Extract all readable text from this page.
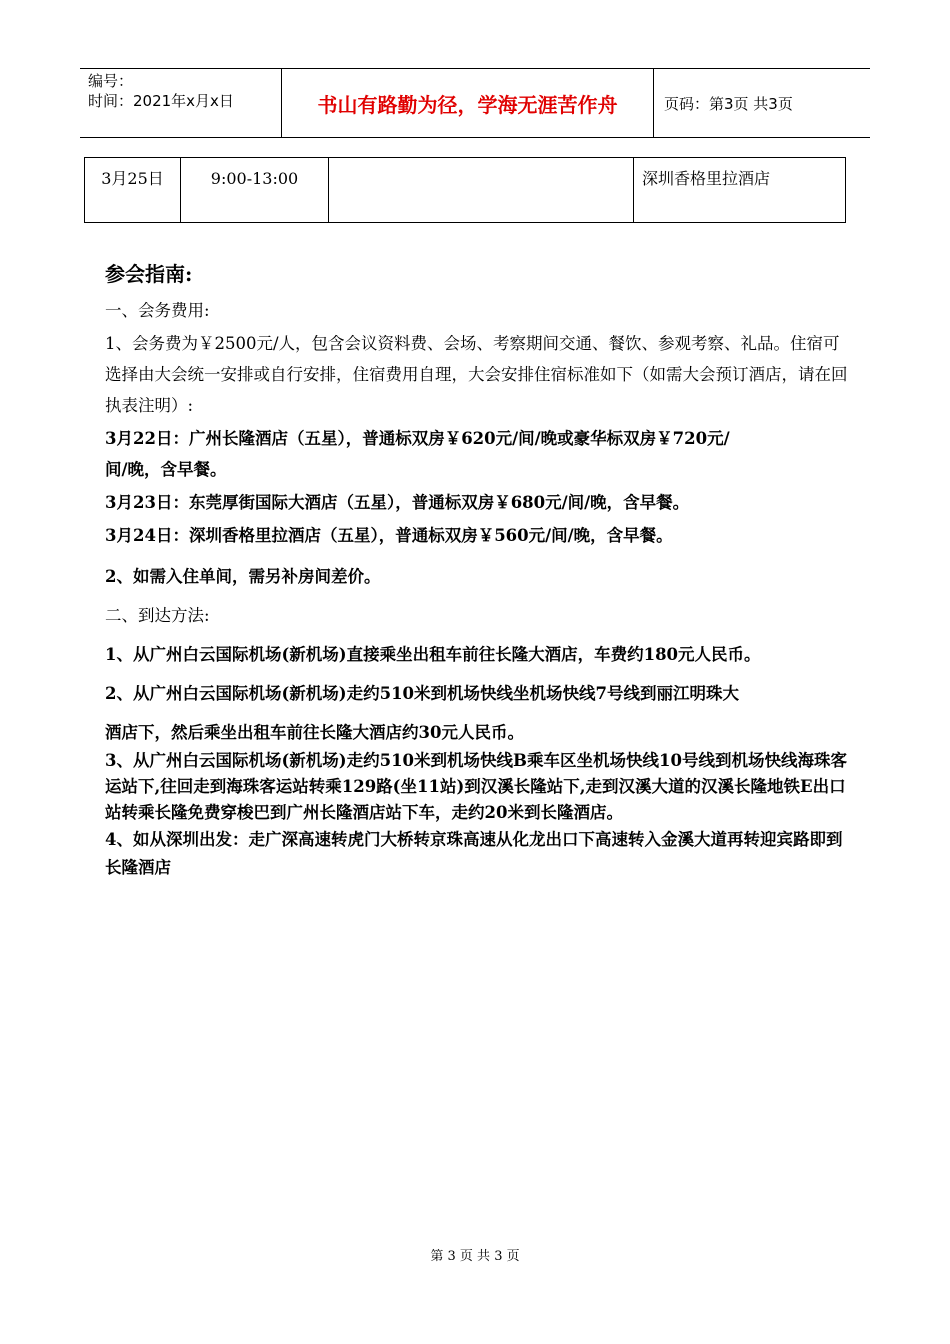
编号：
时间：2021年x月x日	书山有路勤为径，学海无涯苦作舟	页码：第3页 共3页
3月25日	9:00-13:00		深圳香格里拉酒店

参会指南:

一、会务费用:

1、会务费为￥2500元/人，包含会议资料费、会场、考察期间交通、餐饮、参观考察、礼品。住宿可选择由大会统一安排或自行安排，住宿费用自理，大会安排住宿标准如下（如需大会预订酒店，请在回执表注明）:

3月22日：广州长隆酒店（五星），普通标双房￥620元/间/晚或豪华标双房￥720元/

间/晚，含早餐。

3月23日：东莞厚街国际大酒店（五星），普通标双房￥680元/间/晚，含早餐。

3月24日：深圳香格里拉酒店（五星），普通标双房￥560元/间/晚，含早餐。

2、如需入住单间，需另补房间差价。

二、到达方法:

1、从广州白云国际机场(新机场)直接乘坐出租车前往长隆大酒店，车费约180元人民币。

2、从广州白云国际机场(新机场)走约510米到机场快线坐机场快线7号线到丽江明珠大

酒店下，然后乘坐出租车前往长隆大酒店约30元人民币。

3、从广州白云国际机场(新机场)走约510米到机场快线B乘车区坐机场快线10号线到机场快线海珠客运站下,往回走到海珠客运站转乘129路(坐11站)到汉溪长隆站下,走到汉溪大道的汉溪长隆地铁E出口站转乘长隆免费穿梭巴到广州长隆酒店站下车，走约20米到长隆酒店。

4、如从深圳出发：走广深高速转虎门大桥转京珠高速从化龙出口下高速转入金溪大道再转迎宾路即到长隆酒店

第 3 页 共 3 页
